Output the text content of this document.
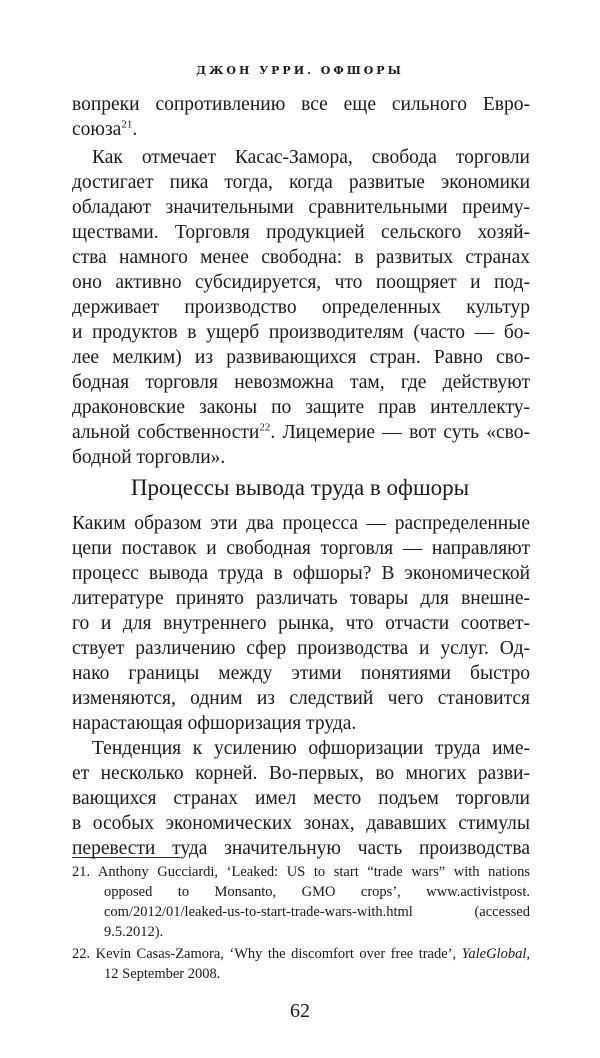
ДЖОН УРРИ. ОФШОРЫ
вопреки сопротивлению все еще сильного Евро-
союза$^{21}$.
Как отмечает Касас-Замора, свобода торговли
достигает пика тогда, когда развитые экономики
обладают значительными сравнительными преиму-
ществами. Торговля продукцией сельского хозяй-
ства намного менее свободна: в развитых странах
оно активно субсидируется, что поощряет и под-
держивает производство определенных культур
и продуктов в ущерб производителям (часто — бо-
лее мелким) из развивающихся стран. Равно сво-
бодная торговля невозможна там, где действуют
драконовские законы по защите прав интеллекту-
альной собственности$^{22}$. Лицемерие — вот суть «сво-
бодной торговли».
Процессы вывода труда в офшоры
Каким образом эти два процесса — распределенные
цепи поставок и свободная торговля — направляют
процесс вывода труда в офшоры? В экономической
литературе принято различать товары для внешне-
го и для внутреннего рынка, что отчасти соответ-
ствует различению сфер производства и услуг. Од-
нако границы между этими понятиями быстро
изменяются, одним из следствий чего становится
нарастающая офшоризация труда.
Тенденция к усилению офшоризации труда име-
ет несколько корней. Во-первых, во многих разви-
вающихся странах имел место подъем торговли
в особых экономических зонах, дававших стимулы
перевести туда значительную часть производства
21. Anthony Gucciardi, ‘Leaked: US to start “trade wars” with nations
opposed to Monsanto, GMO crops’, www.activistpost.
com/2012/01/leaked-us-to-start-trade-wars-with.html (accessed
9.5.2012).
22. Kevin Casas-Zamora, ‘Why the discomfort over free trade’, YaleGlobal,
12 September 2008.
62
